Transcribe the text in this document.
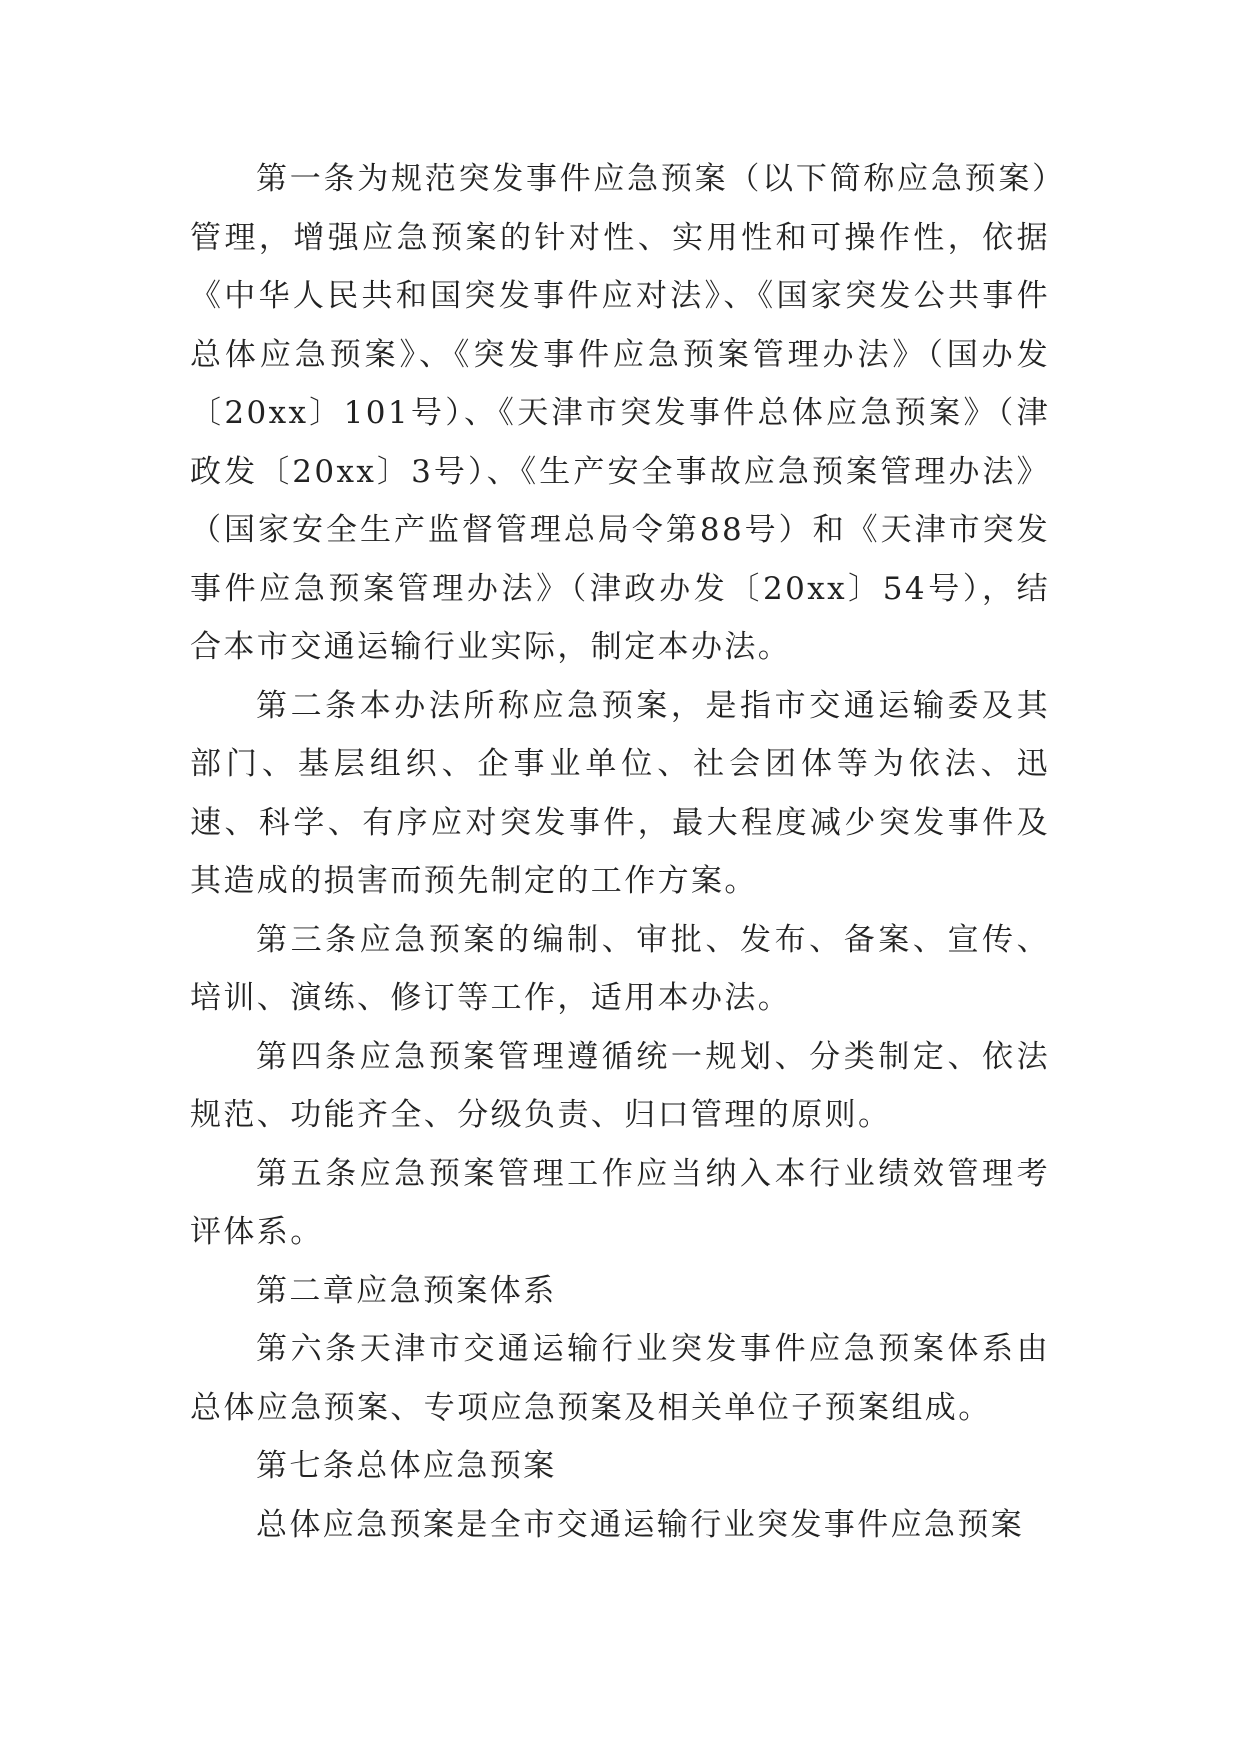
第一条为规范突发事件应急预案（以下简称应急预案）管理，增强应急预案的针对性、实用性和可操作性，依据《中华人民共和国突发事件应对法》、《国家突发公共事件总体应急预案》、《突发事件应急预案管理办法》（国办发〔20xx〕101号）、《天津市突发事件总体应急预案》（津政发〔20xx〕3号）、《生产安全事故应急预案管理办法》（国家安全生产监督管理总局令第88号）和《天津市突发事件应急预案管理办法》（津政办发〔20xx〕54号），结合本市交通运输行业实际，制定本办法。

第二条本办法所称应急预案，是指市交通运输委及其部门、基层组织、企事业单位、社会团体等为依法、迅速、科学、有序应对突发事件，最大程度减少突发事件及其造成的损害而预先制定的工作方案。

第三条应急预案的编制、审批、发布、备案、宣传、培训、演练、修订等工作，适用本办法。

第四条应急预案管理遵循统一规划、分类制定、依法规范、功能齐全、分级负责、归口管理的原则。

第五条应急预案管理工作应当纳入本行业绩效管理考评体系。

第二章应急预案体系

第六条天津市交通运输行业突发事件应急预案体系由总体应急预案、专项应急预案及相关单位子预案组成。

第七条总体应急预案

总体应急预案是全市交通运输行业突发事件应急预案
